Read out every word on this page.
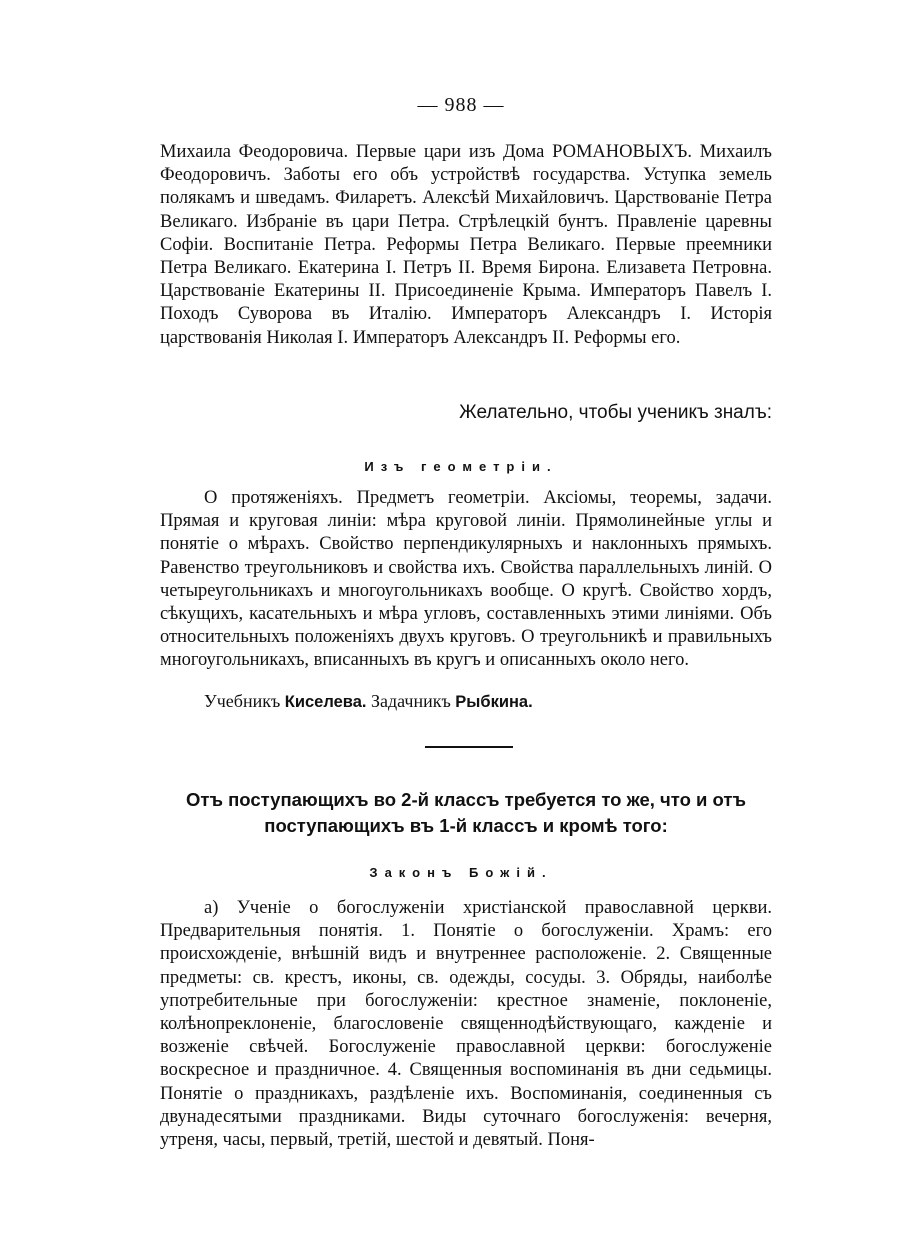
— 988 —

Михаила Феодоровича. Первые цари изъ Дома РОМАНОВЫХЪ. Михаилъ Феодоровичъ. Заботы его объ устройствѣ государства. Уступка земель полякамъ и шведамъ. Филаретъ. Алексѣй Михайловичъ. Царствованіе Петра Великаго. Избраніе въ цари Петра. Стрѣлецкій бунтъ. Правленіе царевны Софіи. Воспитаніе Петра. Реформы Петра Великаго. Первые преемники Петра Великаго. Екатерина I. Петръ II. Время Бирона. Елизавета Петровна. Царствованіе Екатерины II. Присоединеніе Крыма. Императоръ Павелъ I. Походъ Суворова въ Италію. Императоръ Александръ I. Исторія царствованія Николая I. Императоръ Александръ II. Реформы его.

Желательно, чтобы ученикъ зналъ:
Изъ геометріи.

О протяженіяхъ. Предметъ геометріи. Аксіомы, теоремы, задачи. Прямая и круговая линіи: мѣра круговой линіи. Прямолинейные углы и понятіе о мѣрахъ. Свойство перпендикулярныхъ и наклонныхъ прямыхъ. Равенство треугольниковъ и свойства ихъ. Свойства параллельныхъ линій. О четыреугольникахъ и многоугольникахъ вообще. О кругѣ. Свойство хордъ, сѣкущихъ, касательныхъ и мѣра угловъ, составленныхъ этими линіями. Объ относительныхъ положеніяхъ двухъ круговъ. О треугольникѣ и правильныхъ многоугольникахъ, вписанныхъ въ кругъ и описанныхъ около него.

Учебникъ Киселева. Задачникъ Рыбкина.
Отъ поступающихъ во 2-й классъ требуется то же, что и отъ поступающихъ въ 1-й классъ и кромѣ того:
Законъ Божій.

а) Ученіе о богослуженіи христіанской православной церкви. Предварительныя понятія. 1. Понятіе о богослуженіи. Храмъ: его происхожденіе, внѣшній видъ и внутреннее расположеніе. 2. Священные предметы: св. крестъ, иконы, св. одежды, сосуды. 3. Обряды, наиболѣе употребительные при богослуженіи: крестное знаменіе, поклоненіе, колѣнопреклоненіе, благословеніе священнодѣйствующаго, кажденіе и возженіе свѣчей. Богослуженіе православной церкви: богослуженіе воскресное и праздничное. 4. Священныя воспоминанія въ дни седьмицы. Понятіе о праздникахъ, раздѣленіе ихъ. Воспоминанія, соединенныя съ двунадесятыми праздниками. Виды суточнаго богослуженія: вечерня, утреня, часы, первый, третій, шестой и девятый. Поня-
